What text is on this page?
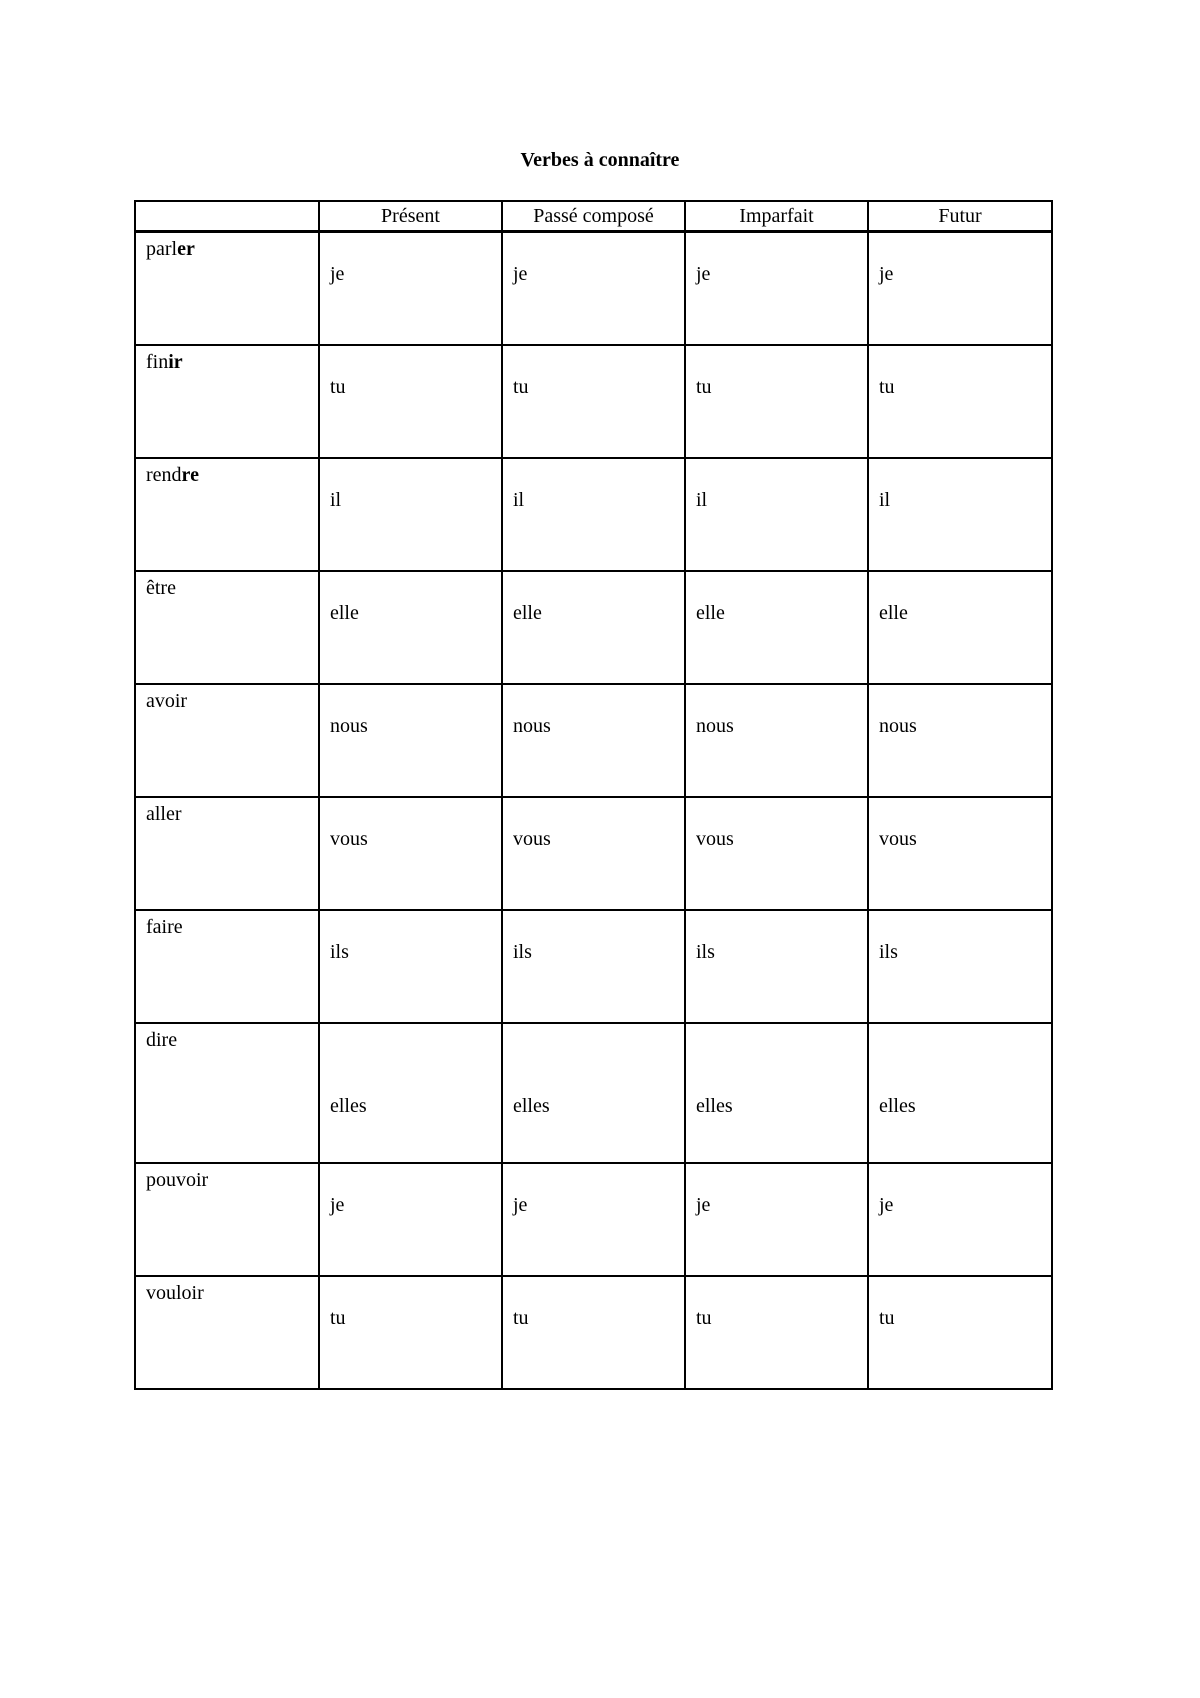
Verbes à connaître
	Présent	Passé composé	Imparfait	Futur

parler	je	je	je	je

finir	tu	tu	tu	tu

rendre	il	il	il	il

être	elle	elle	elle	elle

avoir	nous	nous	nous	nous

aller	vous	vous	vous	vous

faire	ils	ils	ils	ils

dire	elles	elles	elles	elles

pouvoir	je	je	je	je

vouloir	tu	tu	tu	tu
